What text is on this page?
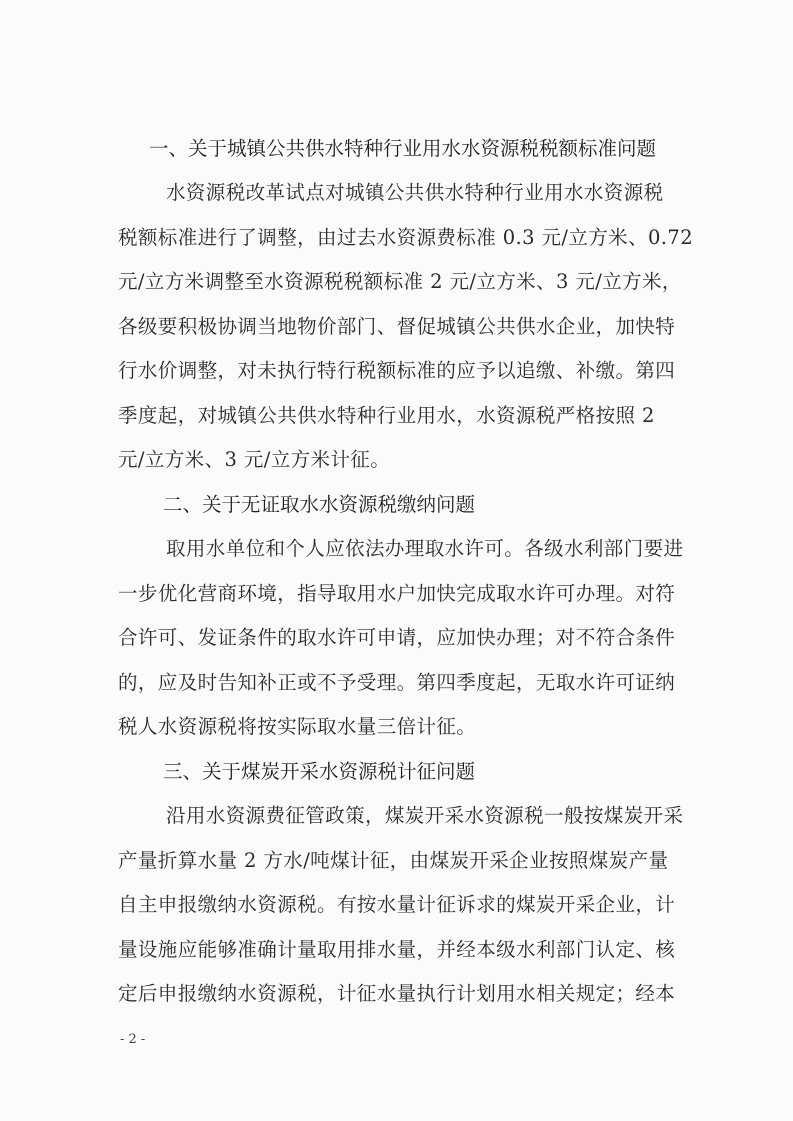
一、关于城镇公共供水特种行业用水水资源税税额标准问题
水资源税改革试点对城镇公共供水特种行业用水水资源税
税额标准进行了调整，由过去水资源费标准 0.3 元/立方米、0.72
元/立方米调整至水资源税税额标准 2 元/立方米、3 元/立方米，
各级要积极协调当地物价部门、督促城镇公共供水企业，加快特
行水价调整，对未执行特行税额标准的应予以追缴、补缴。第四
季度起，对城镇公共供水特种行业用水，水资源税严格按照 2
元/立方米、3 元/立方米计征。
二、关于无证取水水资源税缴纳问题
取用水单位和个人应依法办理取水许可。各级水利部门要进
一步优化营商环境，指导取用水户加快完成取水许可办理。对符
合许可、发证条件的取水许可申请，应加快办理；对不符合条件
的，应及时告知补正或不予受理。第四季度起，无取水许可证纳
税人水资源税将按实际取水量三倍计征。
三、关于煤炭开采水资源税计征问题
沿用水资源费征管政策，煤炭开采水资源税一般按煤炭开采
产量折算水量 2 方水/吨煤计征，由煤炭开采企业按照煤炭产量
自主申报缴纳水资源税。有按水量计征诉求的煤炭开采企业，计
量设施应能够准确计量取用排水量，并经本级水利部门认定、核
定后申报缴纳水资源税，计征水量执行计划用水相关规定；经本
- 2 -
